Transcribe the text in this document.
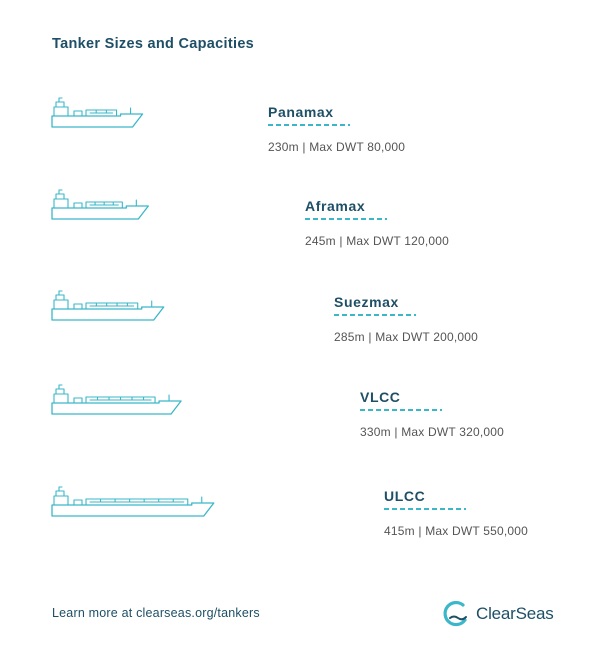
Tanker Sizes and Capacities
Panamax
230m | Max DWT 80,000
Aframax
245m | Max DWT 120,000
Suezmax
285m | Max DWT 200,000
VLCC
330m | Max DWT 320,000
ULCC
415m | Max DWT 550,000
Learn more at clearseas.org/tankers	ClearSeas
